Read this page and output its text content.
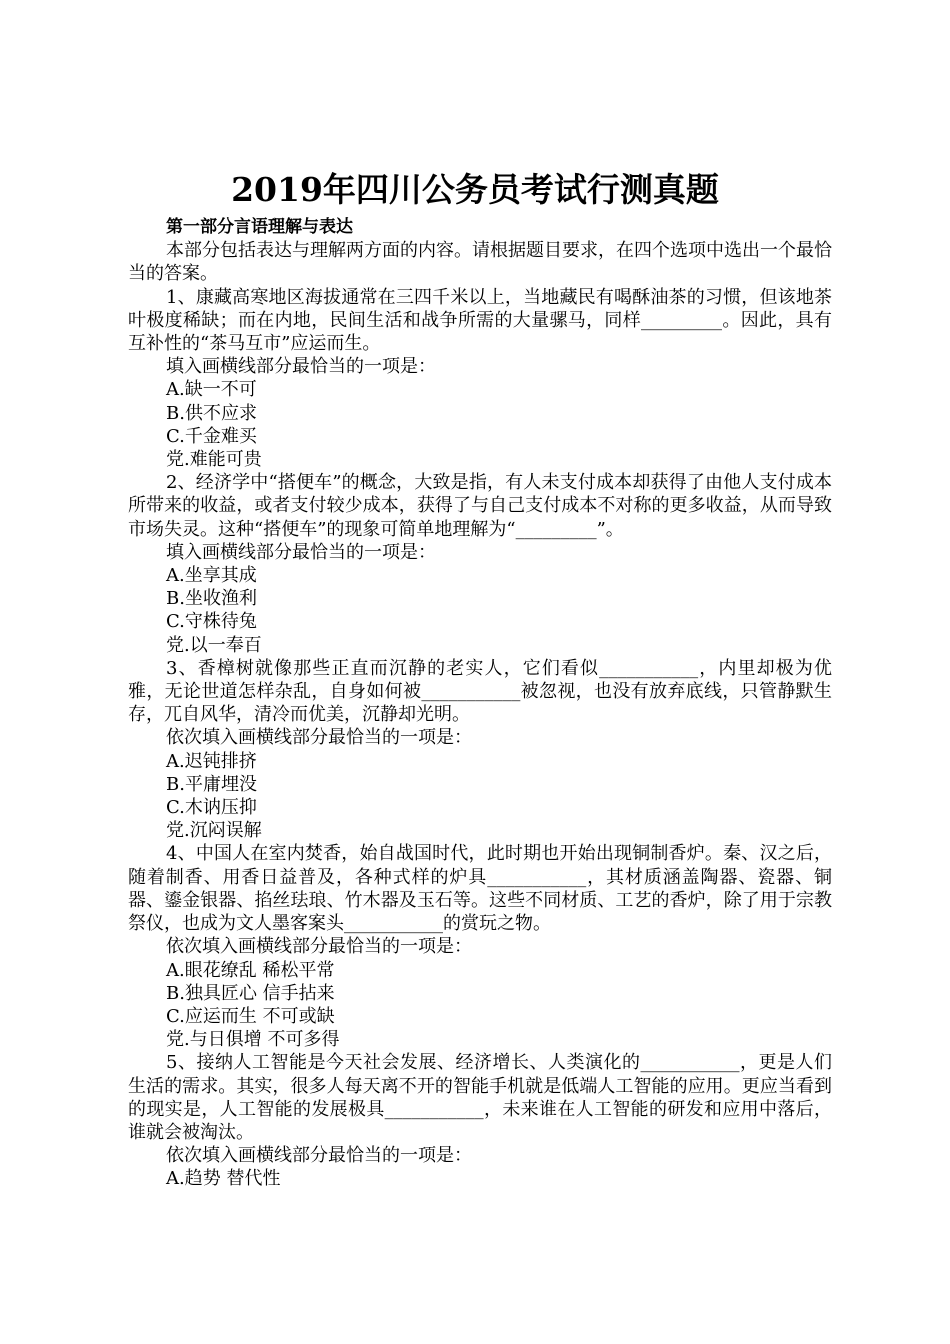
2019年四川公务员考试行测真题

第一部分言语理解与表达

本部分包括表达与理解两方面的内容。请根据题目要求，在四个选项中选出一个最恰当的答案。

1、康藏高寒地区海拔通常在三四千米以上，当地藏民有喝酥油茶的习惯，但该地茶叶极度稀缺；而在内地，民间生活和战争所需的大量骡马，同样_________。因此，具有互补性的“茶马互市”应运而生。

填入画横线部分最恰当的一项是：

A.缺一不可

B.供不应求

C.千金难买

党.难能可贵

2、经济学中“搭便车”的概念，大致是指，有人未支付成本却获得了由他人支付成本所带来的收益，或者支付较少成本，获得了与自己支付成本不对称的更多收益，从而导致市场失灵。这种“搭便车”的现象可简单地理解为“_________”。

填入画横线部分最恰当的一项是：

A.坐享其成

B.坐收渔利

C.守株待兔

党.以一奉百

3、香樟树就像那些正直而沉静的老实人，它们看似___________，内里却极为优雅，无论世道怎样杂乱，自身如何被___________被忽视，也没有放弃底线，只管静默生存，兀自风华，清冷而优美，沉静却光明。

依次填入画横线部分最恰当的一项是：

A.迟钝排挤

B.平庸埋没

C.木讷压抑

党.沉闷误解

4、中国人在室内焚香，始自战国时代，此时期也开始出现铜制香炉。秦、汉之后，随着制香、用香日益普及，各种式样的炉具___________，其材质涵盖陶器、瓷器、铜器、鎏金银器、掐丝珐琅、竹木器及玉石等。这些不同材质、工艺的香炉，除了用于宗教祭仪，也成为文人墨客案头___________的赏玩之物。

依次填入画横线部分最恰当的一项是：

A.眼花缭乱 稀松平常

B.独具匠心 信手拈来

C.应运而生 不可或缺

党.与日俱增 不可多得

5、接纳人工智能是今天社会发展、经济增长、人类演化的___________，更是人们生活的需求。其实，很多人每天离不开的智能手机就是低端人工智能的应用。更应当看到的现实是，人工智能的发展极具___________，未来谁在人工智能的研发和应用中落后，谁就会被淘汰。

依次填入画横线部分最恰当的一项是：

A.趋势 替代性
